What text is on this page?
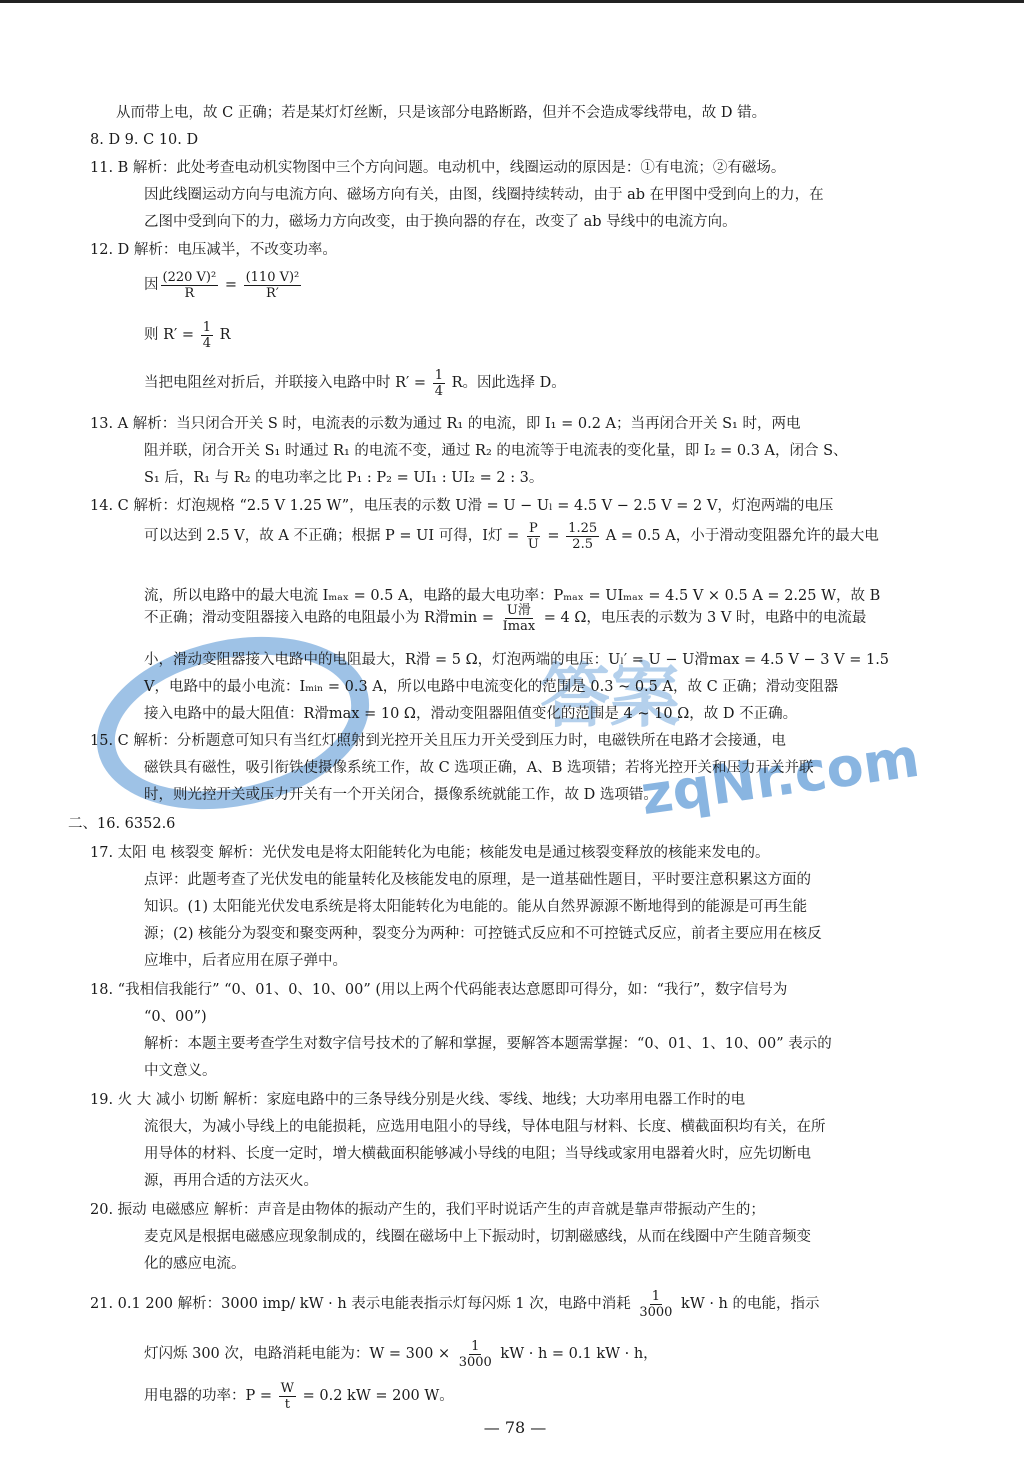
zqNr.com
答案
从而带上电，故 C 正确；若是某灯灯丝断，只是该部分电路断路，但并不会造成零线带电，故 D 错。
8. D 9. C 10. D
11. B 解析：此处考查电动机实物图中三个方向问题。电动机中，线圈运动的原因是：①有电流；②有磁场。
因此线圈运动方向与电流方向、磁场方向有关，由图，线圈持续转动，由于 ab 在甲图中受到向上的力，在
乙图中受到向下的力，磁场力方向改变，由于换向器的存在，改变了 ab 导线中的电流方向。
12. D 解析：电压减半，不改变功率。
因 $\frac{\text{(220 V)²}}{R} = \frac{\text{(110 V)²}}{R'}$
则 $R' = \frac{1}{4}$ R
当把电阻丝对折后，并联接入电路中时 $R' = \frac{1}{4}$ R。因此选择 D。
13. A 解析：当只闭合开关 S 时，电流表的示数为通过 R₁ 的电流，即 I₁ = 0.2 A；当再闭合开关 S₁ 时，两电
阻并联，闭合开关 S₁ 时通过 R₁ 的电流不变，通过 R₂ 的电流等于电流表的变化量，即 I₂ = 0.3 A，闭合 S、
S₁ 后，R₁ 与 R₂ 的电功率之比 P₁ : P₂ = UI₁ : UI₂ = 2 : 3。
14. C 解析：灯泡规格 “2.5 V 1.25 W”，电压表的示数 U滑 = U − Uₗ = 4.5 V − 2.5 V = 2 V，灯泡两端的电压
可以达到 2.5 V，故 A 不正确；根据 P = UI 可得，I灯 = $\frac{P}{U} = \frac{1.25}{2.5}$ A = 0.5 A，小于滑动变阻器允许的最大电
流，所以电路中的最大电流 Iₘₐₓ = 0.5 A，电路的最大电功率：Pₘₐₓ = UIₘₐₓ = 4.5 V × 0.5 A = 2.25 W，故 B
不正确；滑动变阻器接入电路的电阻最小为 R滑$\min = \frac{\text{U滑}}{Imax} = 4$ Ω，电压表的示数为 3 V 时，电路中的电流最
小，滑动变阻器接入电路中的电阻最大，R滑 = 5 Ω，灯泡两端的电压：Uₗ′ = U − U滑max = 4.5 V − 3 V = 1.5
V，电路中的最小电流：Iₘᵢₙ = 0.3 A，所以电路中电流变化的范围是 0.3 ~ 0.5 A，故 C 正确；滑动变阻器
接入电路中的最大阻值：R滑max = 10 Ω，滑动变阻器阻值变化的范围是 4 ~ 10 Ω，故 D 不正确。
15. C 解析：分析题意可知只有当红灯照射到光控开关且压力开关受到压力时，电磁铁所在电路才会接通，电
磁铁具有磁性，吸引衔铁使摄像系统工作，故 C 选项正确，A、B 选项错；若将光控开关和压力开关并联
时，则光控开关或压力开关有一个开关闭合，摄像系统就能工作，故 D 选项错。
二、16. 6352.6
17. 太阳 电 核裂变 解析：光伏发电是将太阳能转化为电能；核能发电是通过核裂变释放的核能来发电的。
点评：此题考查了光伏发电的能量转化及核能发电的原理，是一道基础性题目，平时要注意积累这方面的
知识。(1) 太阳能光伏发电系统是将太阳能转化为电能的。能从自然界源源不断地得到的能源是可再生能
源；(2) 核能分为裂变和聚变两种，裂变分为两种：可控链式反应和不可控链式反应，前者主要应用在核反
应堆中，后者应用在原子弹中。
18. “我相信我能行” “0、01、0、10、00” (用以上两个代码能表达意愿即可得分，如：“我行”，数字信号为
“0、00”)
解析：本题主要考查学生对数字信号技术的了解和掌握，要解答本题需掌握：“0、01、1、10、00” 表示的
中文意义。
19. 火 大 减小 切断 解析：家庭电路中的三条导线分别是火线、零线、地线；大功率用电器工作时的电
流很大，为减小导线上的电能损耗，应选用电阻小的导线，导体电阻与材料、长度、横截面积均有关，在所
用导体的材料、长度一定时，增大横截面积能够减小导线的电阻；当导线或家用电器着火时，应先切断电
源，再用合适的方法灭火。
20. 振动 电磁感应 解析：声音是由物体的振动产生的，我们平时说话产生的声音就是靠声带振动产生的；
麦克风是根据电磁感应现象制成的，线圈在磁场中上下振动时，切割磁感线，从而在线圈中产生随音频变
化的感应电流。
21. 0.1 200 解析：3000 imp/ kW · h 表示电能表指示灯每闪烁 1 次，电路中消耗 $\frac{1}{3000}$ kW · h 的电能，指示
灯闪烁 300 次，电路消耗电能为：$W = 300 \times \frac{1}{3000}$ kW · h = 0.1 kW · h，
用电器的功率：$P = \frac{W}{t} = 0.2$ kW = 200 W。
— 78 —
